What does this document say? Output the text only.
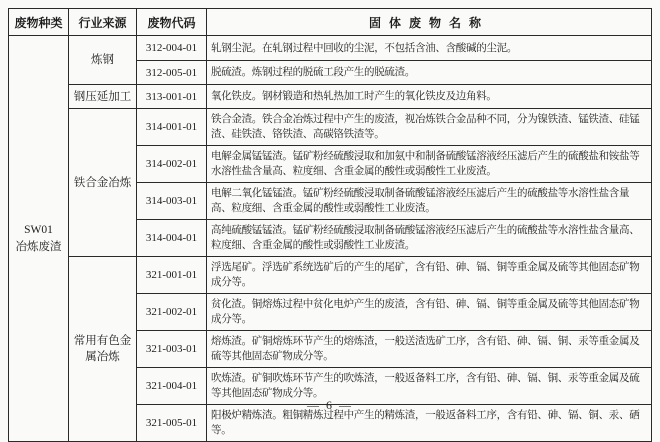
废物种类	行业来源	废物代码	固体废物名称

SW01
冶炼废渣	炼钢	312-004-01	轧钢尘泥。在轧钢过程中回收的尘泥，不包括含油、含酸碱的尘泥。
		312-005-01	脱硫渣。炼钢过程的脱硫工段产生的脱硫渣。
	钢压延加工	313-001-01	氧化铁皮。钢材锻造和热轧热加工时产生的氧化铁皮及边角料。
	铁合金冶炼	314-001-01	铁合金渣。铁合金冶炼过程中产生的废渣，视冶炼铁合金品种不同，分为镍铁渣、锰铁渣、硅锰渣、硅铁渣、铬铁渣、高碳铬铁渣等。
		314-002-01	电解金属锰锰渣。锰矿粉经硫酸浸取和加氨中和制备硫酸锰溶液经压滤后产生的硫酸盐和铵盐等水溶性盐含量高、粒度细、含重金属的酸性或弱酸性工业废渣。
		314-003-01	电解二氧化锰锰渣。锰矿粉经硫酸浸取制备硫酸锰溶液经压滤后产生的硫酸盐等水溶性盐含量高、粒度细、含重金属的酸性或弱酸性工业废渣。
		314-004-01	高纯硫酸锰锰渣。锰矿粉经硫酸浸取制备硫酸锰溶液经压滤后产生的硫酸盐等水溶性盐含量高、粒度细、含重金属的酸性或弱酸性工业废渣。
	常用有色金属冶炼	321-001-01	浮选尾矿。浮选矿系统选矿后的产生的尾矿，含有铅、砷、镉、铜等重金属及硫等其他固态矿物成分等。
		321-002-01	贫化渣。铜熔炼过程中贫化电炉产生的废渣，含有铅、砷、镉、铜等重金属及硫等其他固态矿物成分等。
		321-003-01	熔炼渣。矿铜熔炼环节产生的熔炼渣，一般送渣选矿工序，含有铅、砷、镉、铜、汞等重金属及硫等其他固态矿物成分等。
		321-004-01	吹炼渣。矿铜吹炼环节产生的吹炼渣，一般返备料工序，含有铅、砷、镉、铜、汞等重金属及硫等其他固态矿物成分等。
		321-005-01	阳极炉精炼渣。粗铜精炼过程中产生的精炼渣，一般返备料工序，含有铅、砷、镉、铜、汞、硒等。
— 6 —
